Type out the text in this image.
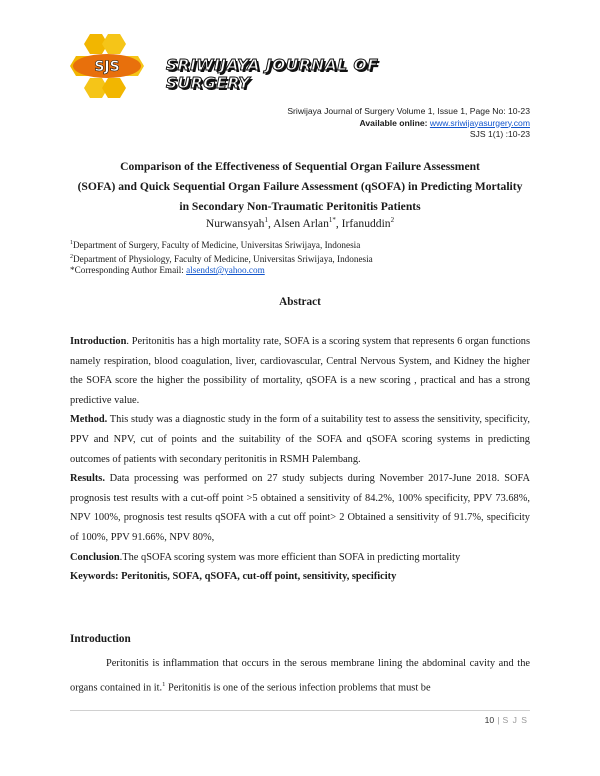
SJS	SRIWIJAYA JOURNAL OF SURGERY
Sriwijaya Journal of Surgery Volume 1, Issue 1, Page No: 10-23
Available online: www.sriwijayasurgery.com
SJS 1(1) :10-23
Comparison of the Effectiveness of Sequential Organ Failure Assessment
(SOFA) and Quick Sequential Organ Failure Assessment (qSOFA) in Predicting Mortality
in Secondary Non-Traumatic Peritonitis Patients
Nurwansyah$^1$, Alsen Arlan$^{1*}$, Irfanuddin$^2$
$^1$Department of Surgery, Faculty of Medicine, Universitas Sriwijaya, Indonesia
$^2$Department of Physiology, Faculty of Medicine, Universitas Sriwijaya, Indonesia
*Corresponding Author Email: alsendst@yahoo.com
Abstract

Introduction. Peritonitis has a high mortality rate, SOFA is a scoring system that represents 6 organ functions namely respiration, blood coagulation, liver, cardiovascular, Central Nervous System, and Kidney the higher the SOFA score the higher the possibility of mortality, qSOFA is a new scoring , practical and has a strong predictive value.

Method. This study was a diagnostic study in the form of a suitability test to assess the sensitivity, specificity, PPV and NPV, cut of points and the suitability of the SOFA and qSOFA scoring systems in predicting outcomes of patients with secondary peritonitis in RSMH Palembang.

Results. Data processing was performed on 27 study subjects during November 2017-June 2018. SOFA prognosis test results with a cut-off point >5 obtained a sensitivity of 84.2%, 100% specificity, PPV 73.68%, NPV 100%, prognosis test results qSOFA with a cut off point> 2 Obtained a sensitivity of 91.7%, specificity of 100%, PPV 91.66%, NPV 80%,

Conclusion.The qSOFA scoring system was more efficient than SOFA in predicting mortality

Keywords: Peritonitis, SOFA, qSOFA, cut-off point, sensitivity, specificity

Introduction

Peritonitis is inflammation that occurs in the serous membrane lining the abdominal cavity and the organs contained in it.$^1$ Peritonitis is one of the serious infection problems that must be

10 | S J S
